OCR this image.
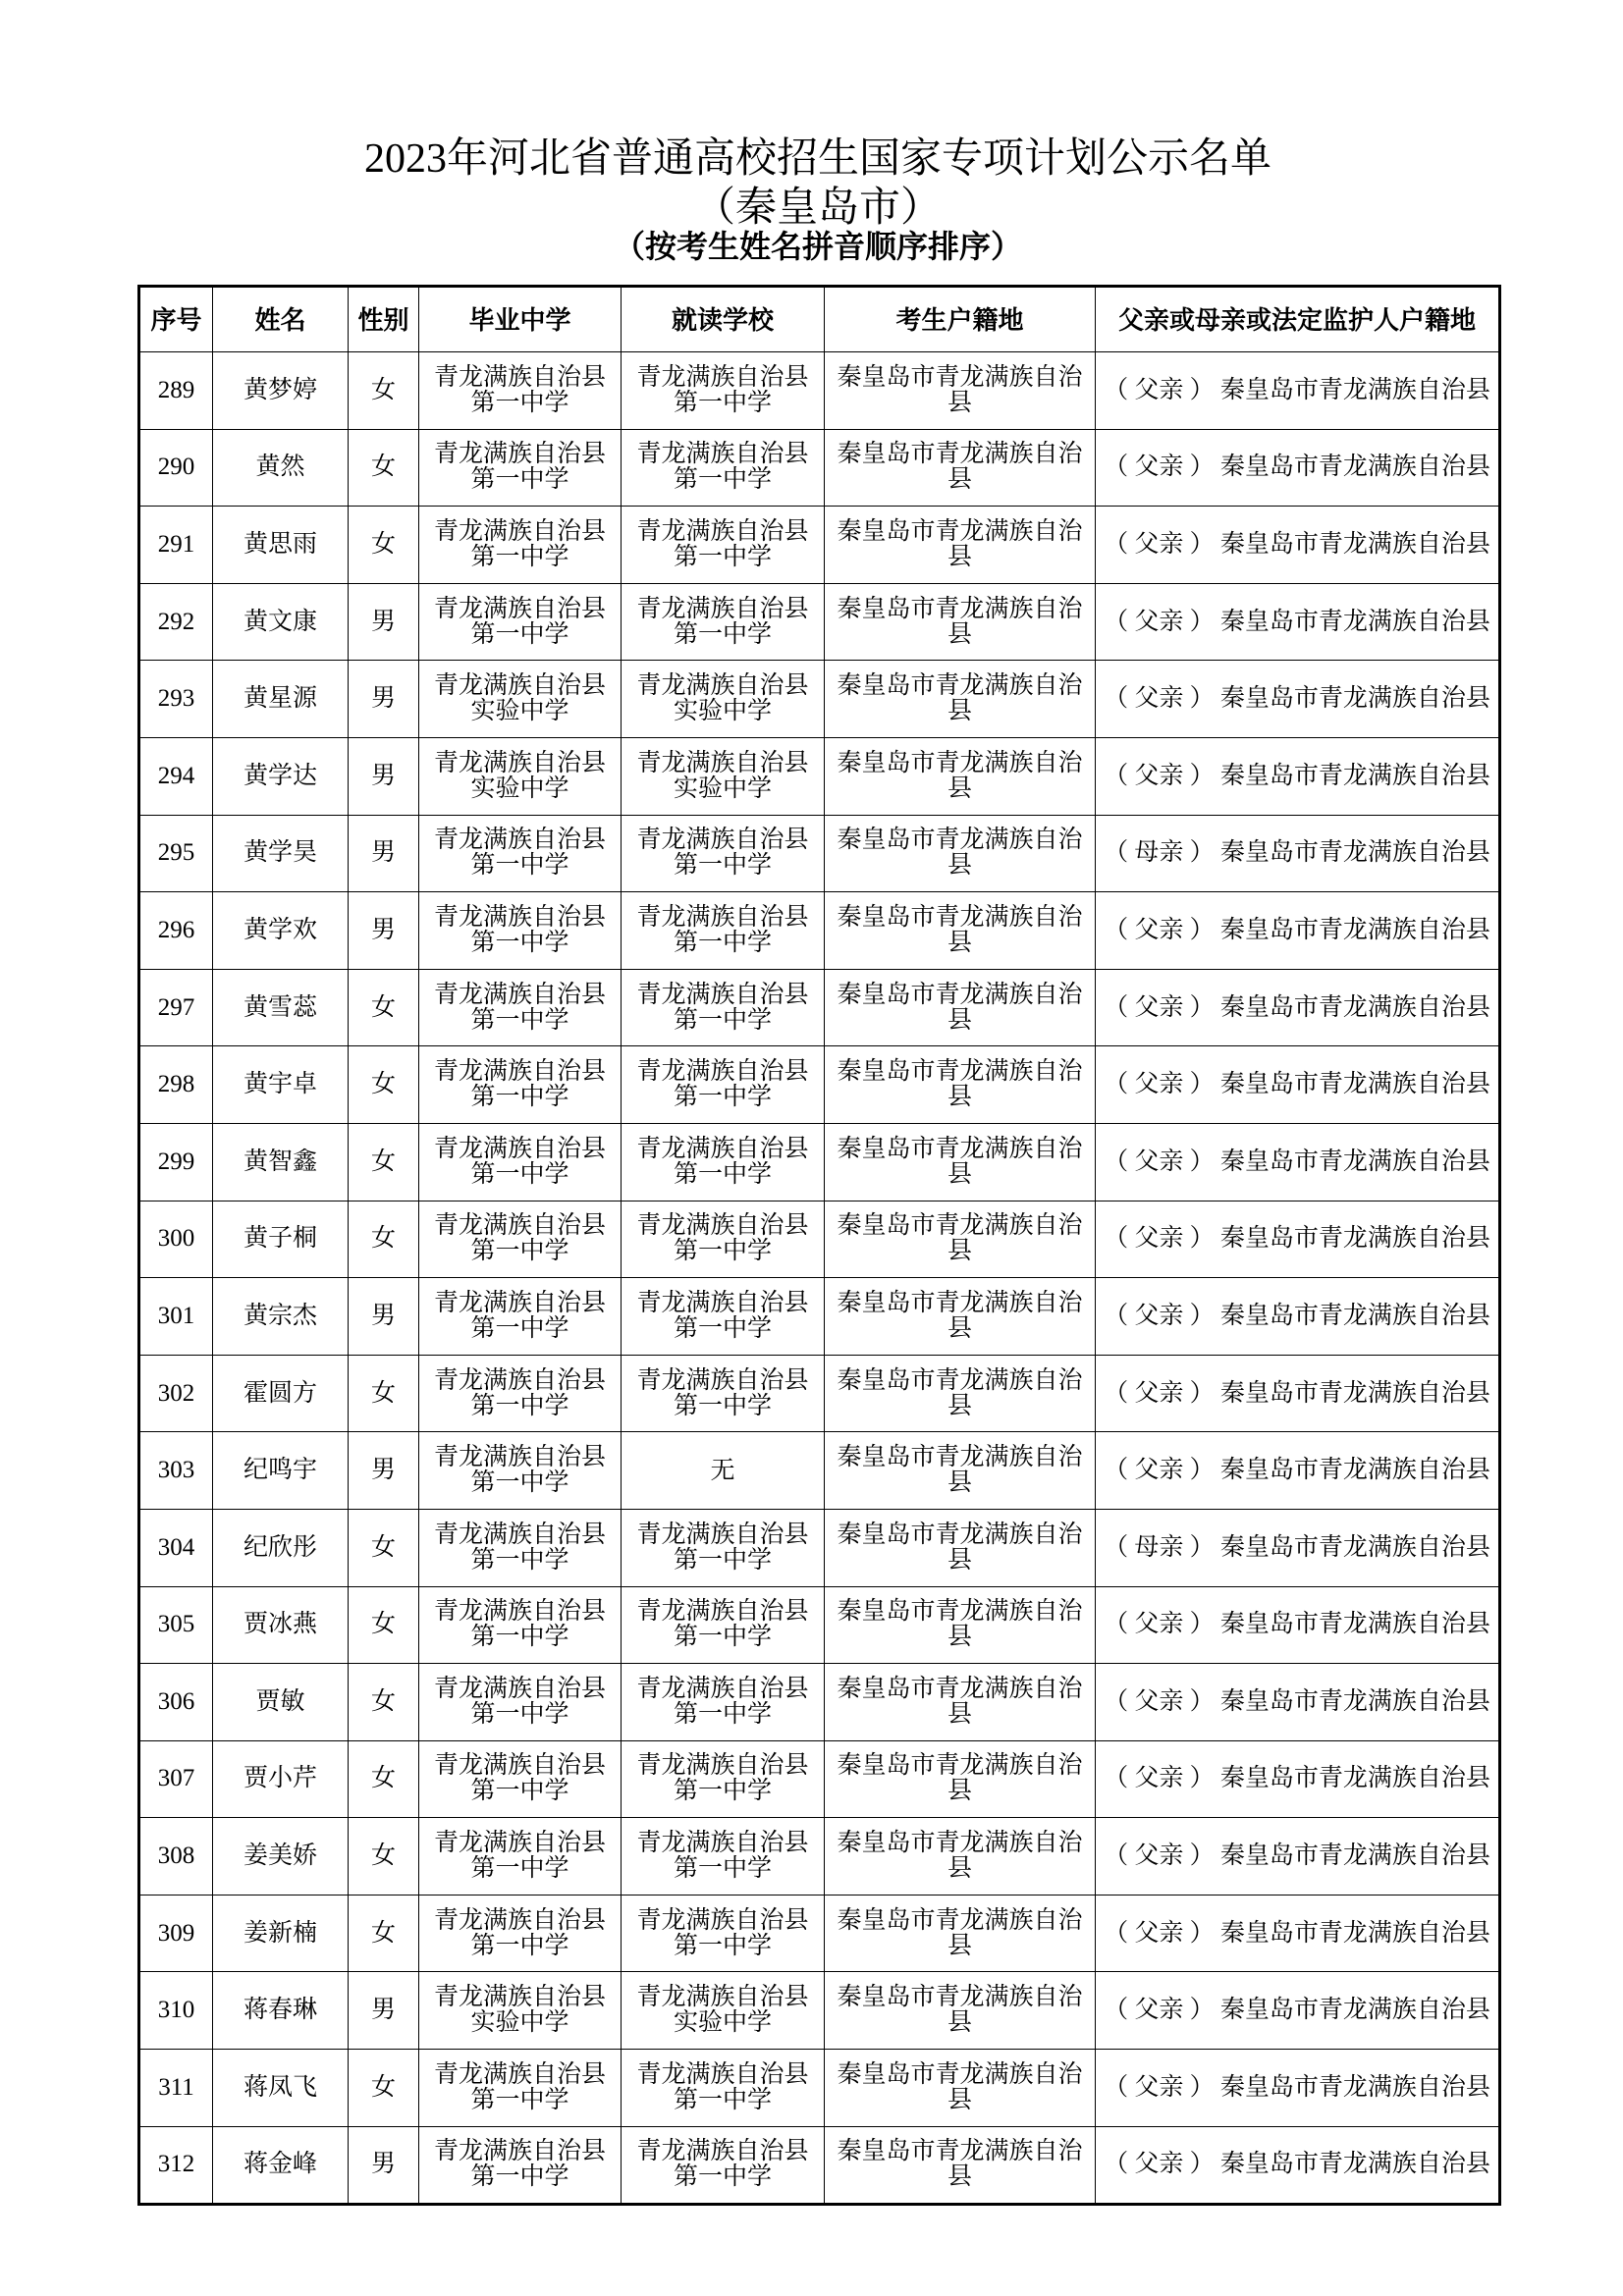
2023年河北省普通高校招生国家专项计划公示名单
（秦皇岛市）
（按考生姓名拼音顺序排序）
序号	姓名	性别	毕业中学	就读学校	考生户籍地	父亲或母亲或法定监护人户籍地
289	黄梦婷	女	青龙满族自治县第一中学	青龙满族自治县第一中学	秦皇岛市青龙满族自治县	（ 父亲 ） 秦皇岛市青龙满族自治县
290	黄然	女	青龙满族自治县第一中学	青龙满族自治县第一中学	秦皇岛市青龙满族自治县	（ 父亲 ） 秦皇岛市青龙满族自治县
291	黄思雨	女	青龙满族自治县第一中学	青龙满族自治县第一中学	秦皇岛市青龙满族自治县	（ 父亲 ） 秦皇岛市青龙满族自治县
292	黄文康	男	青龙满族自治县第一中学	青龙满族自治县第一中学	秦皇岛市青龙满族自治县	（ 父亲 ） 秦皇岛市青龙满族自治县
293	黄星源	男	青龙满族自治县实验中学	青龙满族自治县实验中学	秦皇岛市青龙满族自治县	（ 父亲 ） 秦皇岛市青龙满族自治县
294	黄学达	男	青龙满族自治县实验中学	青龙满族自治县实验中学	秦皇岛市青龙满族自治县	（ 父亲 ） 秦皇岛市青龙满族自治县
295	黄学昊	男	青龙满族自治县第一中学	青龙满族自治县第一中学	秦皇岛市青龙满族自治县	（ 母亲 ） 秦皇岛市青龙满族自治县
296	黄学欢	男	青龙满族自治县第一中学	青龙满族自治县第一中学	秦皇岛市青龙满族自治县	（ 父亲 ） 秦皇岛市青龙满族自治县
297	黄雪蕊	女	青龙满族自治县第一中学	青龙满族自治县第一中学	秦皇岛市青龙满族自治县	（ 父亲 ） 秦皇岛市青龙满族自治县
298	黄宇卓	女	青龙满族自治县第一中学	青龙满族自治县第一中学	秦皇岛市青龙满族自治县	（ 父亲 ） 秦皇岛市青龙满族自治县
299	黄智鑫	女	青龙满族自治县第一中学	青龙满族自治县第一中学	秦皇岛市青龙满族自治县	（ 父亲 ） 秦皇岛市青龙满族自治县
300	黄子桐	女	青龙满族自治县第一中学	青龙满族自治县第一中学	秦皇岛市青龙满族自治县	（ 父亲 ） 秦皇岛市青龙满族自治县
301	黄宗杰	男	青龙满族自治县第一中学	青龙满族自治县第一中学	秦皇岛市青龙满族自治县	（ 父亲 ） 秦皇岛市青龙满族自治县
302	霍圆方	女	青龙满族自治县第一中学	青龙满族自治县第一中学	秦皇岛市青龙满族自治县	（ 父亲 ） 秦皇岛市青龙满族自治县
303	纪鸣宇	男	青龙满族自治县第一中学	无	秦皇岛市青龙满族自治县	（ 父亲 ） 秦皇岛市青龙满族自治县
304	纪欣彤	女	青龙满族自治县第一中学	青龙满族自治县第一中学	秦皇岛市青龙满族自治县	（ 母亲 ） 秦皇岛市青龙满族自治县
305	贾冰燕	女	青龙满族自治县第一中学	青龙满族自治县第一中学	秦皇岛市青龙满族自治县	（ 父亲 ） 秦皇岛市青龙满族自治县
306	贾敏	女	青龙满族自治县第一中学	青龙满族自治县第一中学	秦皇岛市青龙满族自治县	（ 父亲 ） 秦皇岛市青龙满族自治县
307	贾小芹	女	青龙满族自治县第一中学	青龙满族自治县第一中学	秦皇岛市青龙满族自治县	（ 父亲 ） 秦皇岛市青龙满族自治县
308	姜美娇	女	青龙满族自治县第一中学	青龙满族自治县第一中学	秦皇岛市青龙满族自治县	（ 父亲 ） 秦皇岛市青龙满族自治县
309	姜新楠	女	青龙满族自治县第一中学	青龙满族自治县第一中学	秦皇岛市青龙满族自治县	（ 父亲 ） 秦皇岛市青龙满族自治县
310	蒋春琳	男	青龙满族自治县实验中学	青龙满族自治县实验中学	秦皇岛市青龙满族自治县	（ 父亲 ） 秦皇岛市青龙满族自治县
311	蒋凤飞	女	青龙满族自治县第一中学	青龙满族自治县第一中学	秦皇岛市青龙满族自治县	（ 父亲 ） 秦皇岛市青龙满族自治县
312	蒋金峰	男	青龙满族自治县第一中学	青龙满族自治县第一中学	秦皇岛市青龙满族自治县	（ 父亲 ） 秦皇岛市青龙满族自治县
